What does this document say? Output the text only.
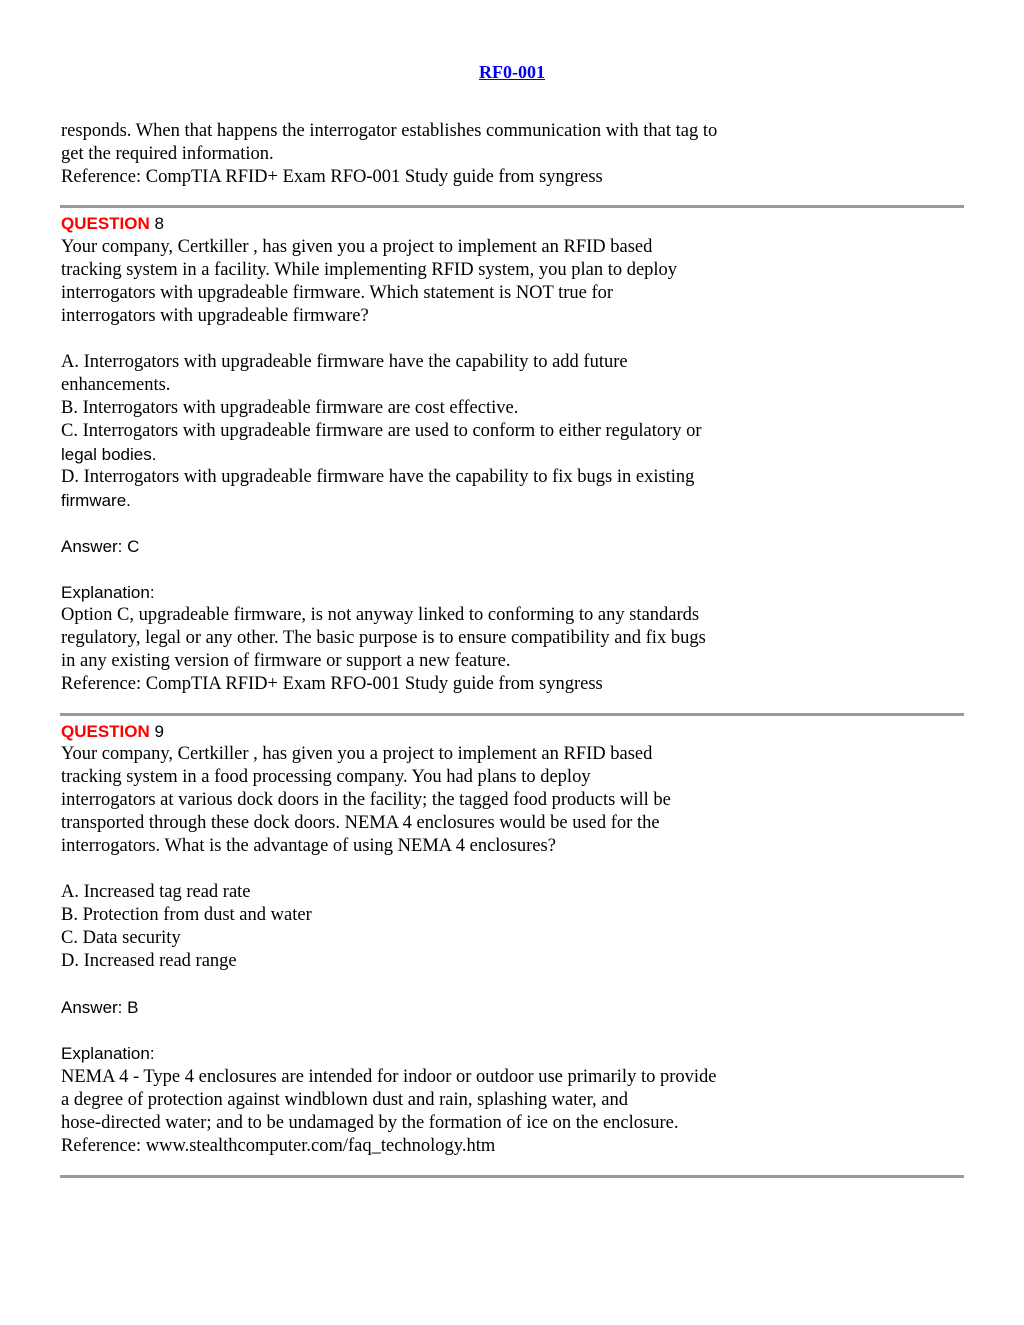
RF0-001

responds. When that happens the interrogator establishes communication with that tag to

get the required information.

Reference: CompTIA RFID+ Exam RFO-001 Study guide from syngress

QUESTION 8

Your company, Certkiller , has given you a project to implement an RFID based

tracking system in a facility. While implementing RFID system, you plan to deploy

interrogators with upgradeable firmware. Which statement is NOT true for

interrogators with upgradeable firmware?

A. Interrogators with upgradeable firmware have the capability to add future

enhancements.

B. Interrogators with upgradeable firmware are cost effective.

C. Interrogators with upgradeable firmware are used to conform to either regulatory or

legal bodies.

D. Interrogators with upgradeable firmware have the capability to fix bugs in existing

firmware.

Answer: C

Explanation:

Option C, upgradeable firmware, is not anyway linked to conforming to any standards

regulatory, legal or any other. The basic purpose is to ensure compatibility and fix bugs

in any existing version of firmware or support a new feature.

Reference: CompTIA RFID+ Exam RFO-001 Study guide from syngress

QUESTION 9

Your company, Certkiller , has given you a project to implement an RFID based

tracking system in a food processing company. You had plans to deploy

interrogators at various dock doors in the facility; the tagged food products will be

transported through these dock doors. NEMA 4 enclosures would be used for the

interrogators. What is the advantage of using NEMA 4 enclosures?

A. Increased tag read rate

B. Protection from dust and water

C. Data security

D. Increased read range

Answer: B

Explanation:

NEMA 4 - Type 4 enclosures are intended for indoor or outdoor use primarily to provide

a degree of protection against windblown dust and rain, splashing water, and

hose-directed water; and to be undamaged by the formation of ice on the enclosure.

Reference: www.stealthcomputer.com/faq_technology.htm
